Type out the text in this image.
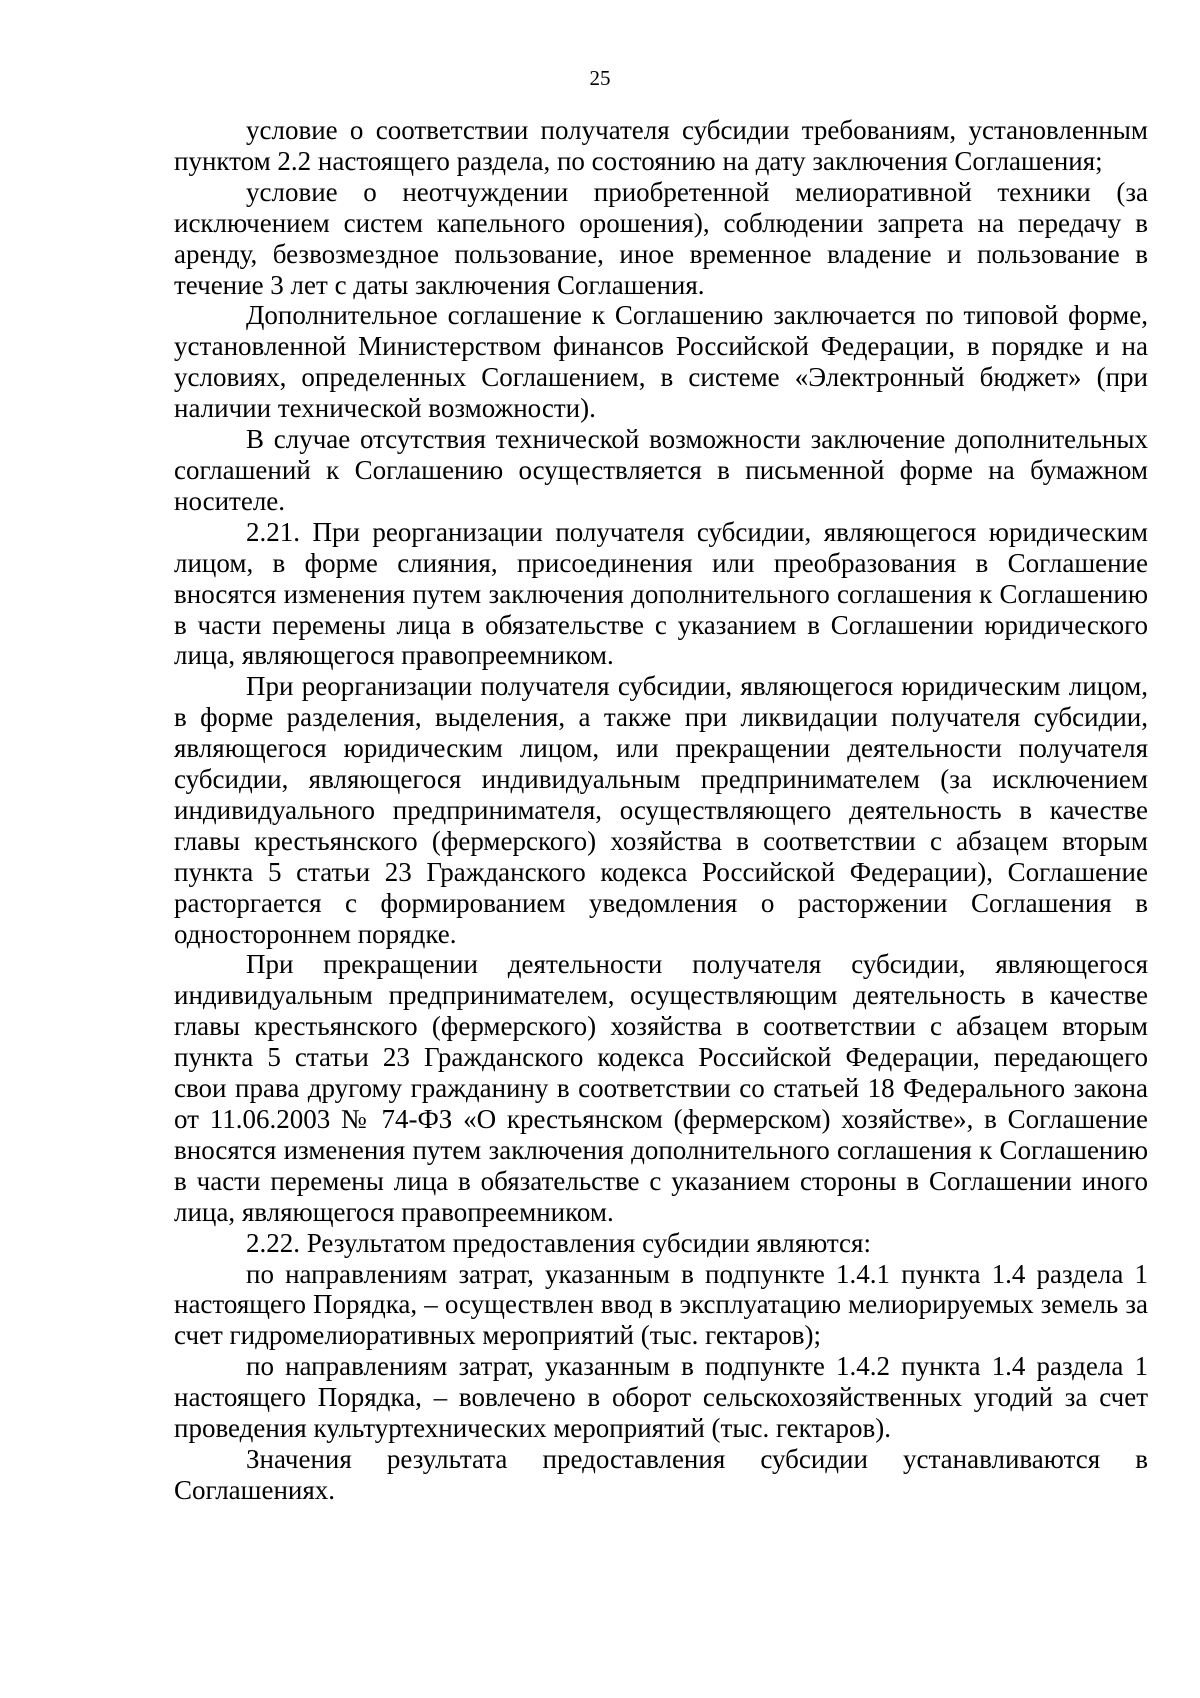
25

условие о соответствии получателя субсидии требованиям, установленным пунктом 2.2 настоящего раздела, по состоянию на дату заключения Соглашения;

условие о неотчуждении приобретенной мелиоративной техники (за исключением систем капельного орошения), соблюдении запрета на передачу в аренду, безвозмездное пользование, иное временное владение и пользование в течение 3 лет с даты заключения Соглашения.

Дополнительное соглашение к Соглашению заключается по типовой форме, установленной Министерством финансов Российской Федерации, в порядке и на условиях, определенных Соглашением, в системе «Электронный бюджет» (при наличии технической возможности).

В случае отсутствия технической возможности заключение дополнительных соглашений к Соглашению осуществляется в письменной форме на бумажном носителе.

2.21. При реорганизации получателя субсидии, являющегося юридическим лицом, в форме слияния, присоединения или преобразования в Соглашение вносятся изменения путем заключения дополнительного соглашения к Соглашению в части перемены лица в обязательстве с указанием в Соглашении юридического лица, являющегося правопреемником.

При реорганизации получателя субсидии, являющегося юридическим лицом, в форме разделения, выделения, а также при ликвидации получателя субсидии, являющегося юридическим лицом, или прекращении деятельности получателя субсидии, являющегося индивидуальным предпринимателем (за исключением индивидуального предпринимателя, осуществляющего деятельность в качестве главы крестьянского (фермерского) хозяйства в соответствии с абзацем вторым пункта 5 статьи 23 Гражданского кодекса Российской Федерации), Соглашение расторгается с формированием уведомления о расторжении Соглашения в одностороннем порядке.

При прекращении деятельности получателя субсидии, являющегося индивидуальным предпринимателем, осуществляющим деятельность в качестве главы крестьянского (фермерского) хозяйства в соответствии с абзацем вторым пункта 5 статьи 23 Гражданского кодекса Российской Федерации, передающего свои права другому гражданину в соответствии со статьей 18 Федерального закона от 11.06.2003 № 74-ФЗ «О крестьянском (фермерском) хозяйстве», в Соглашение вносятся изменения путем заключения дополнительного соглашения к Соглашению в части перемены лица в обязательстве с указанием стороны в Соглашении иного лица, являющегося правопреемником.

2.22. Результатом предоставления субсидии являются:

по направлениям затрат, указанным в подпункте 1.4.1 пункта 1.4 раздела 1 настоящего Порядка, – осуществлен ввод в эксплуатацию мелиорируемых земель за счет гидромелиоративных мероприятий (тыс. гектаров);

по направлениям затрат, указанным в подпункте 1.4.2 пункта 1.4 раздела 1 настоящего Порядка, – вовлечено в оборот сельскохозяйственных угодий за счет проведения культуртехнических мероприятий (тыс. гектаров).

Значения результата предоставления субсидии устанавливаются в Соглашениях.
